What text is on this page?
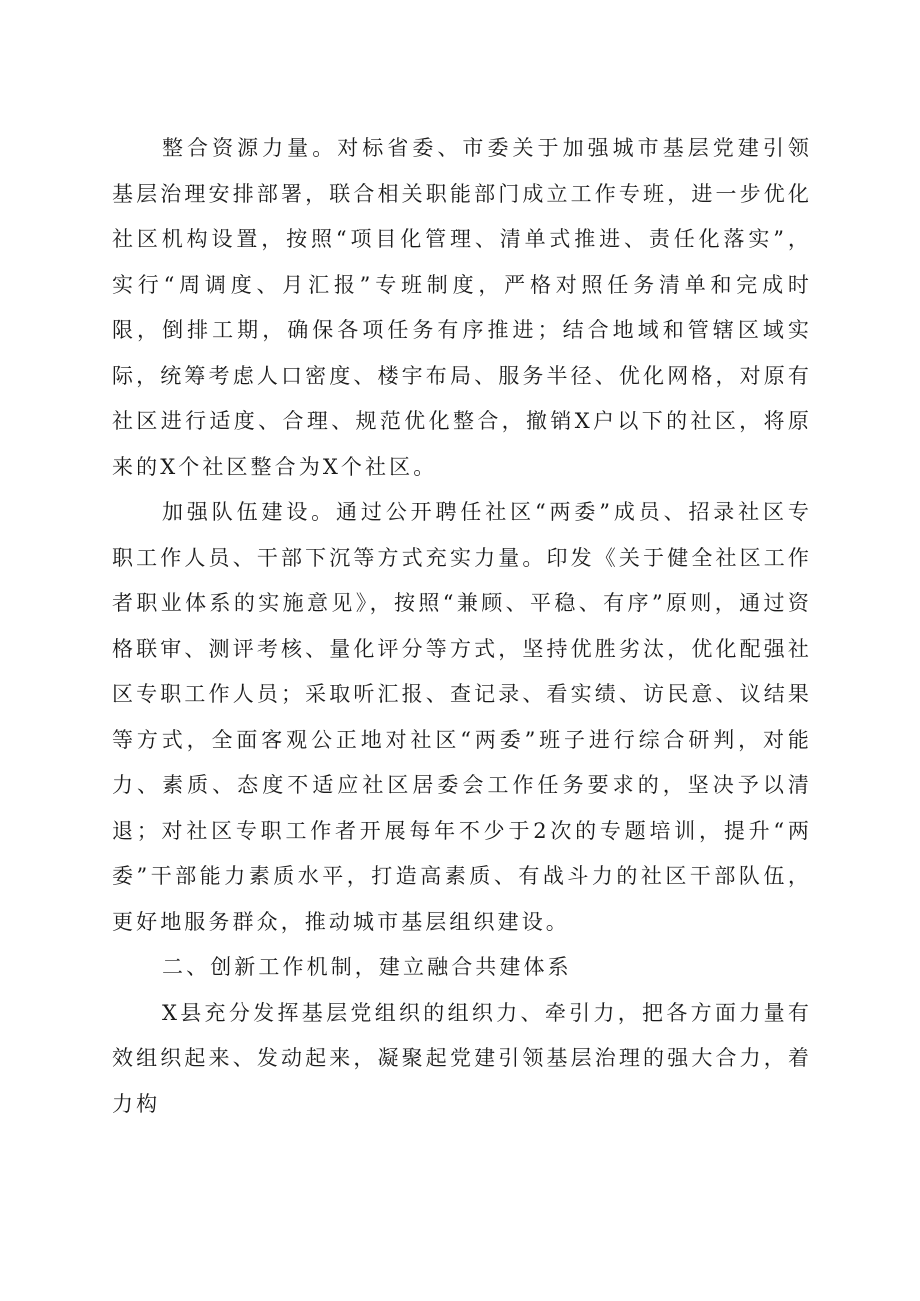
整合资源力量。对标省委、市委关于加强城市基层党建引领基层治理安排部署，联合相关职能部门成立工作专班，进一步优化社区机构设置，按照“项目化管理、清单式推进、责任化落实”，实行“周调度、月汇报”专班制度，严格对照任务清单和完成时限，倒排工期，确保各项任务有序推进；结合地域和管辖区域实际，统筹考虑人口密度、楼宇布局、服务半径、优化网格，对原有社区进行适度、合理、规范优化整合，撤销X户以下的社区，将原来的X个社区整合为X个社区。

加强队伍建设。通过公开聘任社区“两委”成员、招录社区专职工作人员、干部下沉等方式充实力量。印发《关于健全社区工作者职业体系的实施意见》，按照“兼顾、平稳、有序”原则，通过资格联审、测评考核、量化评分等方式，坚持优胜劣汰，优化配强社区专职工作人员；采取听汇报、查记录、看实绩、访民意、议结果等方式，全面客观公正地对社区“两委”班子进行综合研判，对能力、素质、态度不适应社区居委会工作任务要求的，坚决予以清退；对社区专职工作者开展每年不少于2次的专题培训，提升“两委”干部能力素质水平，打造高素质、有战斗力的社区干部队伍，更好地服务群众，推动城市基层组织建设。

二、创新工作机制，建立融合共建体系

X县充分发挥基层党组织的组织力、牵引力，把各方面力量有效组织起来、发动起来，凝聚起党建引领基层治理的强大合力，着力构
